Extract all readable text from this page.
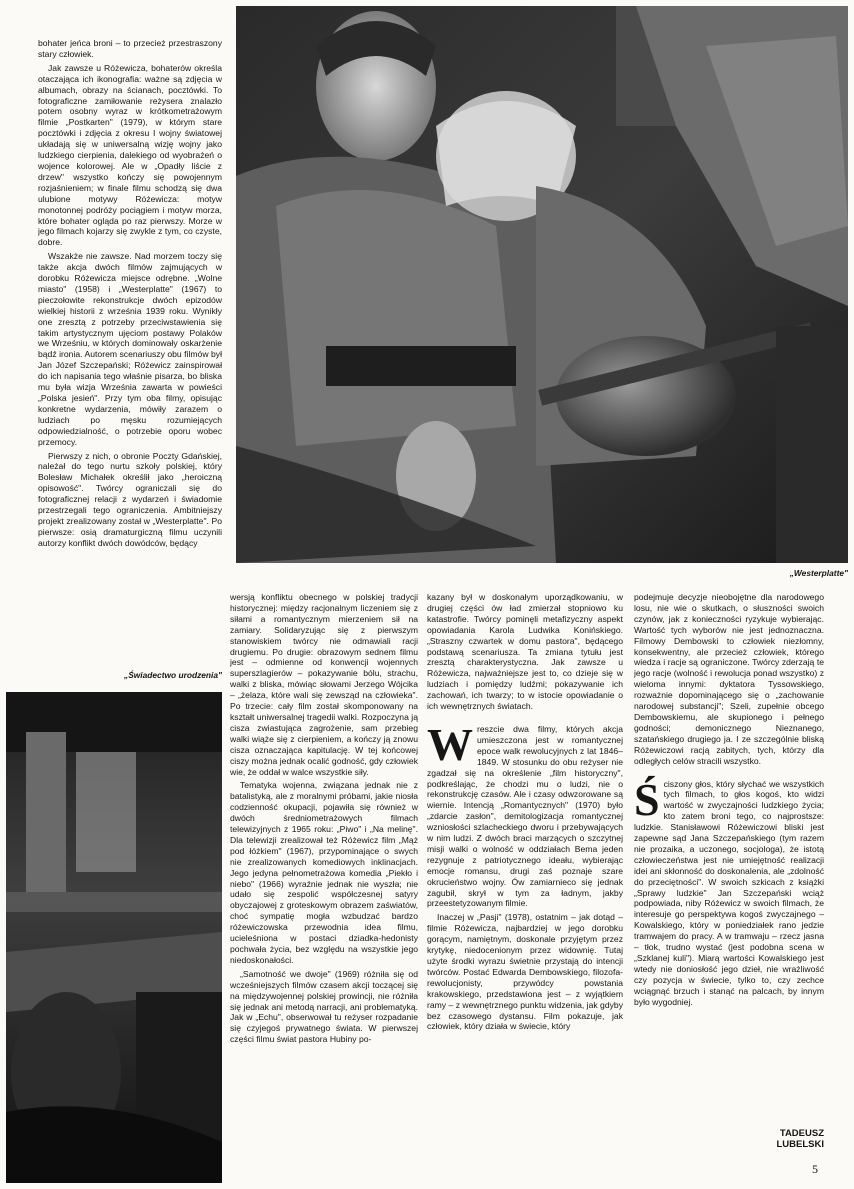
bohater jeńca broni – to przecież przestraszony stary człowiek.

Jak zawsze u Różewicza, bohaterów określa otaczająca ich ikonografia: ważne są zdjęcia w albumach, obrazy na ścianach, pocztówki. To fotograficzne zamiłowanie reżysera znalazło potem osobny wyraz w krótkometrażowym filmie „Postkarten" (1979), w którym stare pocztówki i zdjęcia z okresu I wojny światowej układają się w uniwersalną wizję wojny jako ludzkiego cierpienia, dalekiego od wyobrażeń o wojence kolorowej. Ale w „Opadły liście z drzew" wszystko kończy się powojennym rozjaśnieniem; w finale filmu schodzą się dwa ulubione motywy Różewicza: motyw monotonnej podróży pociągiem i motyw morza, które bohater ogląda po raz pierwszy. Morze w jego filmach kojarzy się zwykle z tym, co czyste, dobre.

Wszakże nie zawsze. Nad morzem toczy się także akcja dwóch filmów zajmujących w dorobku Różewicza miejsce odrębne. „Wolne miasto" (1958) i „Westerplatte" (1967) to pieczołowite rekonstrukcje dwóch epizodów wielkiej historii z września 1939 roku. Wynikły one zresztą z potrzeby przeciwstawienia się takim artystycznym ujęciom postawy Polaków we Wrześniu, w których dominowały oskarżenie bądź ironia. Autorem scenariuszy obu filmów był Jan Józef Szczepański; Różewicz zainspirował do ich napisania tego właśnie pisarza, bo bliska mu była wizja Września zawarta w powieści „Polska jesień". Przy tym oba filmy, opisując konkretne wydarzenia, mówiły zarazem o ludziach po męsku rozumiejących odpowiedzialność, o potrzebie oporu wobec przemocy.

Pierwszy z nich, o obronie Poczty Gdańskiej, należał do tego nurtu szkoły polskiej, który Bolesław Michałek określił jako „heroiczną opisowość". Twórcy ograniczali się do fotograficznej relacji z wydarzeń i świadomie przestrzegali tego ograniczenia. Ambitniejszy projekt zrealizowany został w „Westerplatte". Po pierwsze: osią dramaturgiczną filmu uczynili autorzy konflikt dwóch dowódców, będący

„Świadectwo urodzenia"
„Westerplatte"

wersją konfliktu obecnego w polskiej tradycji historycznej: między racjonalnym liczeniem się z siłami a romantycznym mierzeniem sił na zamiary. Solidaryzując się z pierwszym stanowiskiem twórcy nie odmawiali racji drugiemu. Po drugie: obrazowym sednem filmu jest – odmienne od konwencji wojennych superszlagierów – pokazywanie bólu, strachu, walki z bliska, mówiąc słowami Jerzego Wójcika – „żelaza, które wali się zewsząd na człowieka". Po trzecie: cały film został skomponowany na kształt uniwersalnej tragedii walki. Rozpoczyna ją cisza zwiastująca zagrożenie, sam przebieg walki wiąże się z cierpieniem, a kończy ją znowu cisza oznaczająca kapitulację. W tej końcowej ciszy można jednak ocalić godność, gdy człowiek wie, że oddał w walce wszystkie siły.

Tematyka wojenna, związana jednak nie z batalistyką, ale z moralnymi próbami, jakie niosła codzienność okupacji, pojawiła się również w dwóch średniometrażowych filmach telewizyjnych z 1965 roku: „Piwo" i „Na melinę". Dla telewizji zrealizował też Różewicz film „Mąż pod łóżkiem" (1967), przypominające o swych nie zrealizowanych komediowych inklinacjach. Jego jedyna pełnometrażowa komedia „Piekło i niebo" (1966) wyraźnie jednak nie wyszła; nie udało się zespolić współczesnej satyry obyczajowej z groteskowym obrazem zaświatów, choć sympatię mogła wzbudzać bardzo różewiczowska przewodnia idea filmu, ucieleśniona w postaci dziadka-hedonisty pochwała życia, bez względu na wszystkie jego niedoskonałości.

„Samotność we dwoje" (1969) różniła się od wcześniejszych filmów czasem akcji toczącej się na międzywojennej polskiej prowincji, nie różniła się jednak ani metodą narracji, ani problematyką. Jak w „Echu", obserwował tu reżyser rozpadanie się czyjegoś prywatnego świata. W pierwszej części filmu świat pastora Hubiny po-

kazany był w doskonałym uporządkowaniu, w drugiej części ów ład zmierzał stopniowo ku katastrofie. Twórcy pominęli metafizyczny aspekt opowiadania Karola Ludwika Konińskiego. „Straszny czwartek w domu pastora", będącego podstawą scenariusza. Ta zmiana tytułu jest zresztą charakterystyczna. Jak zawsze u Różewicza, najważniejsze jest to, co dzieje się w ludziach i pomiędzy ludźmi; pokazywanie ich zachowań, ich twarzy; to w istocie opowiadanie o ich wewnętrznych światach.

Wreszcie dwa filmy, których akcja umieszczona jest w romantycznej epoce walk rewolucyjnych z lat 1846–1849. W stosunku do obu reżyser nie zgadzał się na określenie „film historyczny", podkreślając, że chodzi mu o ludzi, nie o rekonstrukcję czasów. Ale i czasy odwzorowane są wiernie. Intencją „Romantycznych" (1970) było „zdarcie zasłon", demitologizacja romantycznej wzniosłości szlacheckiego dworu i przebywających w nim ludzi. Z dwóch braci marzących o szczytnej misji walki o wolność w oddziałach Bema jeden rezygnuje z patriotycznego ideału, wybierając emocje romansu, drugi zaś poznaje szare okrucieństwo wojny. Ów zamiarniеco się jednak zagubił, skrył w tym za ładnym, jakby przeestetyzowanym filmie.

Inaczej w „Pasji" (1978), ostatnim – jak dotąd – filmie Różewicza, najbardziej w jego dorobku gorącym, namiętnym, doskonale przyjętym przez krytykę, niedocenionym przez widownię. Tutaj użyte środki wyrazu świetnie przystają do intencji twórców. Postać Edwarda Dembowskiego, filozofa-rewolucjonisty, przywódcy powstania krakowskiego, przedstawiona jest – z wyjątkiem ramy – z wewnętrznego punktu widzenia, jak gdyby bez czasowego dystansu. Film pokazuje, jak człowiek, który działa w świecie, który

podejmuje decyzje nieobojętne dla narodowego losu, nie wie o skutkach, o słuszności swoich czynów, jak z konieczności ryzykuje wybierając. Wartość tych wyborów nie jest jednoznaczna. Filmowy Dembowski to człowiek niezłomny, konsekwentny, ale przecież człowiek, którego wiedza i racje są ograniczone. Twórcy zderzają te jego racje (wolność i rewolucja ponad wszystko) z wieloma innymi: dyktatora Tyssowskiego, rozważnie dopominającego się o „zachowanie narodowej substancji"; Szeli, zupełnie obcego Dembowskiemu, ale skupionego i pełnego godności; demonicznego Nieznanego, szatańskiego drugiego ja. I ze szczególnie bliską Różewiczowi racją zabitych, tych, którzy dla odległych celów stracili wszystko.

Ściszony głos, który słychać we wszystkich tych filmach, to głos kogoś, kto widzi wartość w zwyczajności ludzkiego życia; kto zatem broni tego, co najprostsze: ludzkie. Stanisławowi Różewiczowi bliski jest zapewne sąd Jana Szczepańskiego (tym razem nie prozaika, a uczonego, socjologa), że istotą człowieczeństwa jest nie umiejętność realizacji idei ani skłonność do doskonalenia, ale „zdolność do przeciętności". W swoich szkicach z książki „Sprawy ludzkie" Jan Szczepański wciąż podpowiada, niby Różewicz w swoich filmach, że interesuje go perspektywa kogoś zwyczajnego – Kowalskiego, który w poniedziałek rano jedzie tramwajem do pracy. A w tramwaju – rzecz jasna – tłok, trudno wystać (jest podobna scena w „Szklanej kuli"). Miarą wartości Kowalskiego jest wtedy nie doniosłość jego dzieł, nie wrażliwość czy pozycja w świecie, tylko to, czy zechce wciągnąć brzuch i stanąć na palcach, by innym było wygodniej.

TADEUSZ
LUBELSKI
5
